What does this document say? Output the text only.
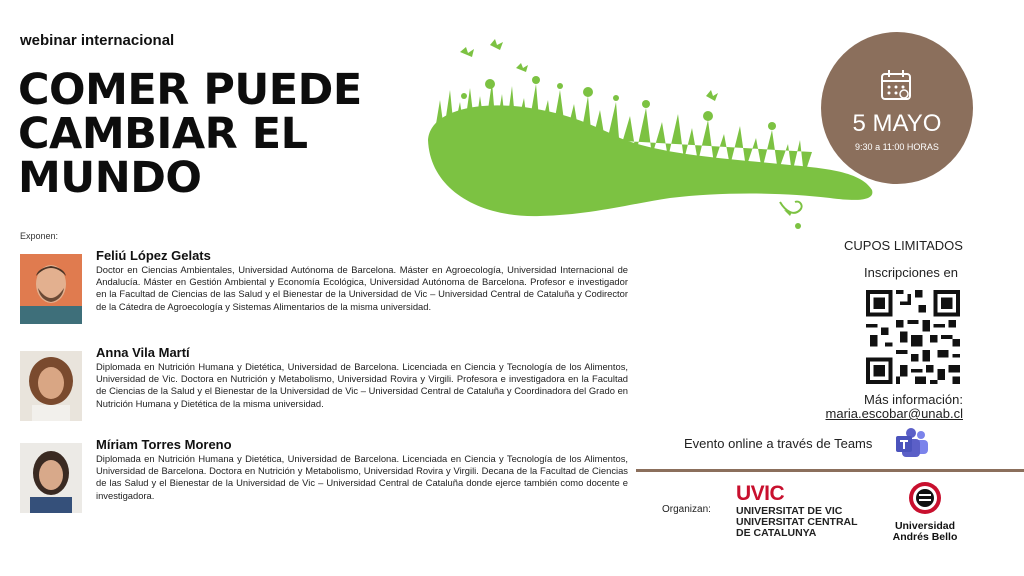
webinar internacional
COMER PUEDE CAMBIAR EL MUNDO
5 MAYO
9:30 a 11:00 HORAS
Exponen:
Feliú López Gelats
Doctor en Ciencias Ambientales, Universidad Autónoma de Barcelona. Máster en Agroecología, Universidad Internacional de Andalucía. Máster en Gestión Ambiental y Economía Ecológica, Universidad Autónoma de Barcelona. Profesor e investigador en la Facultad de Ciencias de las Salud y el Bienestar de la Universidad de Vic – Universidad Central de Cataluña y Codirector de la Cátedra de Agroecología y Sistemas Alimentarios de la misma universidad.
Anna Vila Martí
Diplomada en Nutrición Humana y Dietética, Universidad de Barcelona. Licenciada en Ciencia y Tecnología de los Alimentos, Universidad de Vic. Doctora en Nutrición y Metabolismo, Universidad Rovira y Virgili. Profesora e investigadora en la Facultad de Ciencias de la Salud y el Bienestar de la Universidad de Vic – Universidad Central de Cataluña y Coordinadora del Grado en Nutrición Humana y Dietética de la misma universidad.
Míriam Torres Moreno
Diplomada en Nutrición Humana y Dietética, Universidad de Barcelona. Licenciada en Ciencia y Tecnología de los Alimentos, Universidad de Barcelona. Doctora en Nutrición y Metabolismo, Universidad Rovira y Virgili. Decana de la Facultad de Ciencias de las Salud y el Bienestar de la Universidad de Vic – Universidad Central de Cataluña donde ejerce también como docente e investigadora.
CUPOS LIMITADOS
Inscripciones en
Más información:
maria.escobar@unab.cl
Evento online a través de Teams
Organizan:
UVIC
UNIVERSITAT DE VIC
UNIVERSITAT CENTRAL
DE CATALUNYA
Universidad
Andrés Bello
